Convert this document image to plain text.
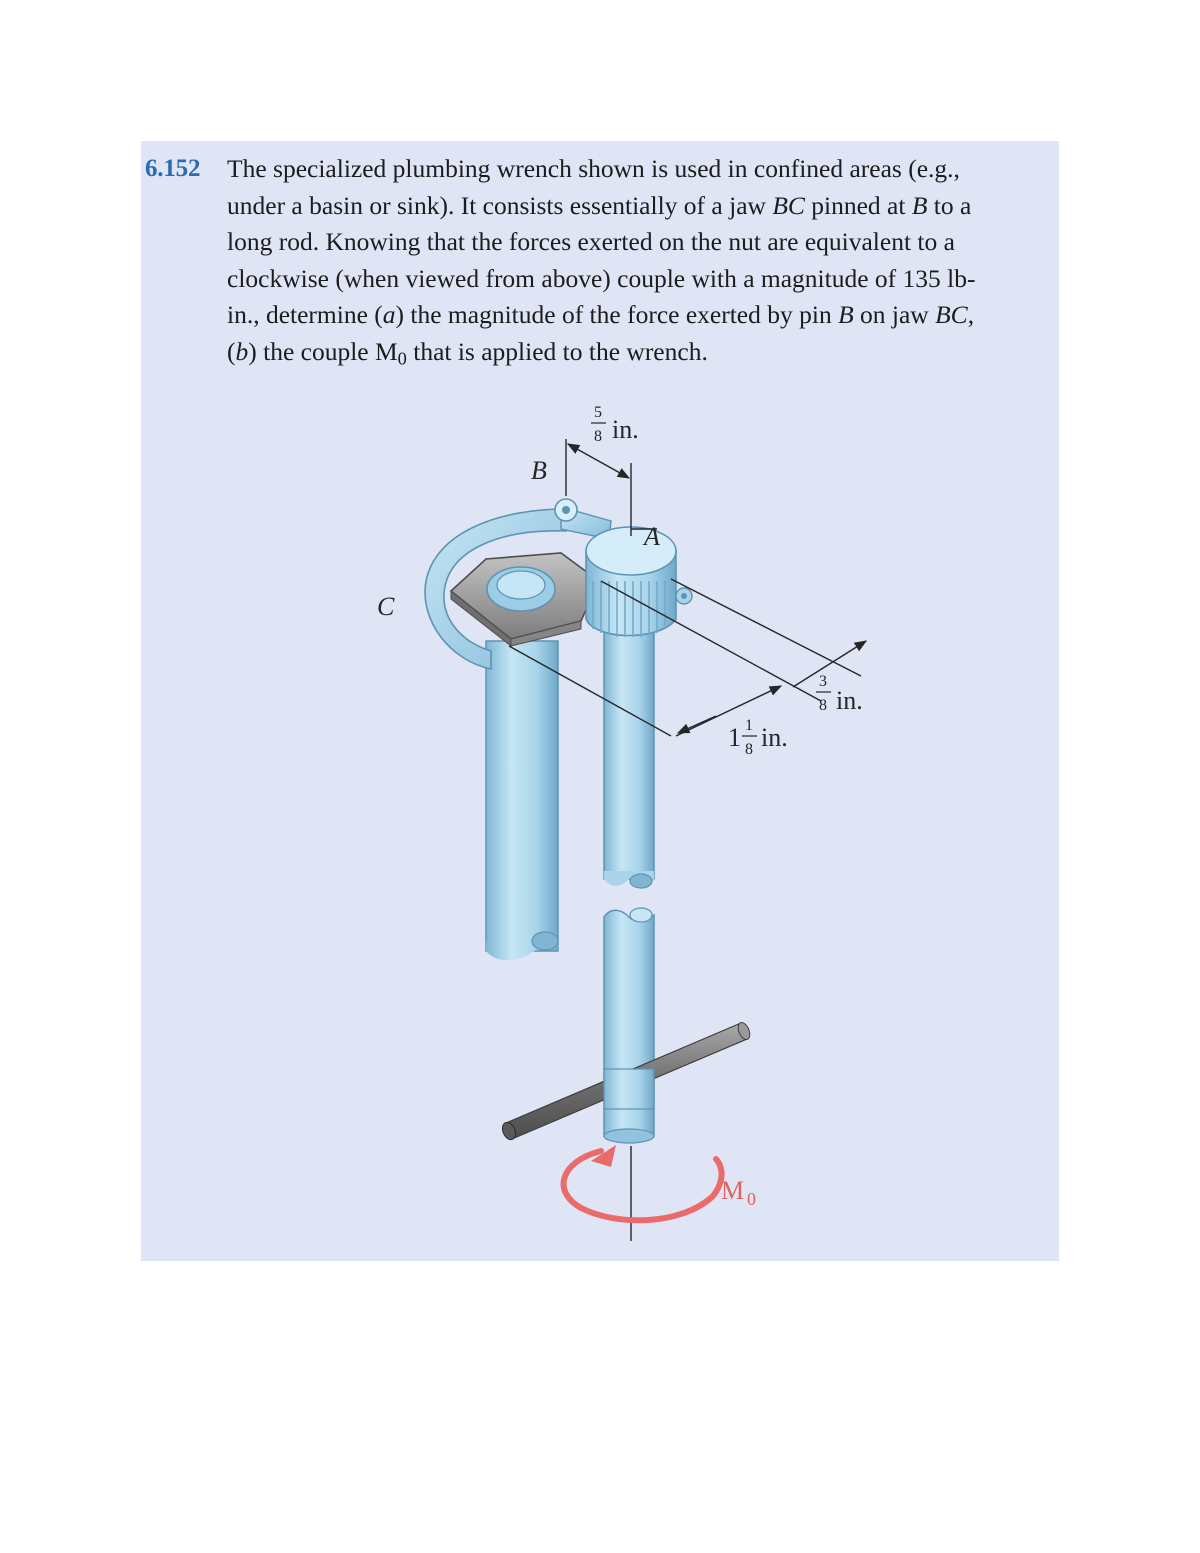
6.152 The specialized plumbing wrench shown is used in confined areas (e.g.,
under a basin or sink). It consists essentially of a jaw BC pinned at B to a
long rod. Knowing that the forces exerted on the nut are equivalent to a
clockwise (when viewed from above) couple with a magnitude of 135 lb-
in., determine (a) the magnitude of the force exerted by pin B on jaw BC,
(b) the couple $M_0$ that is applied to the wrench.

B
A
C
5
8 in.
3
8 in.
1 1
8 in.
M 0
